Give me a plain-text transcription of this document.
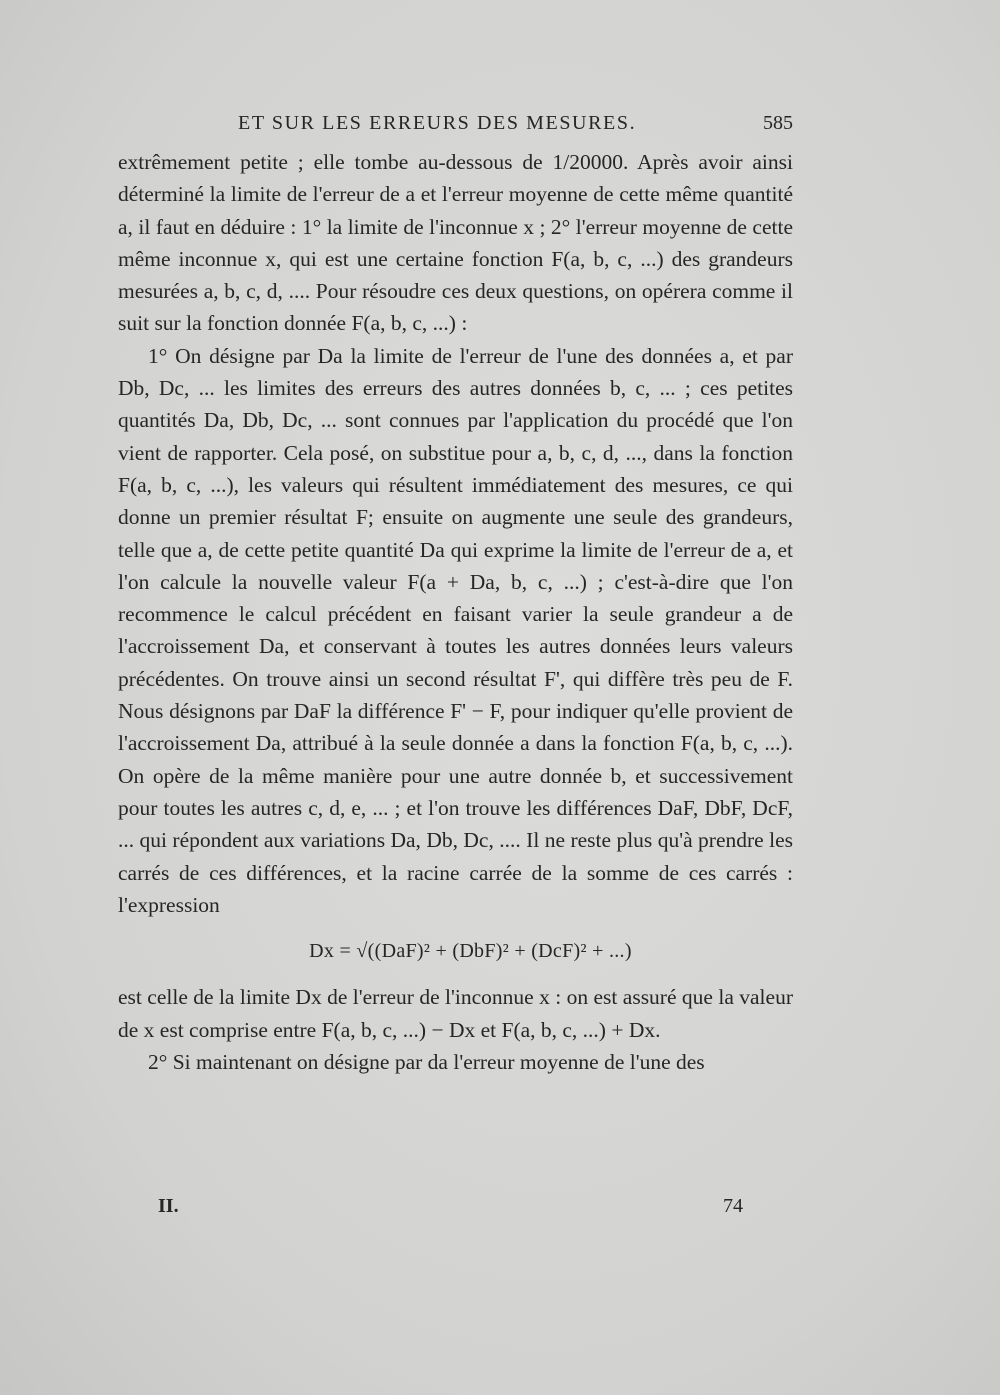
ET SUR LES ERREURS DES MESURES.	585

extrêmement petite ; elle tombe au-dessous de 1/20000. Après avoir ainsi déterminé la limite de l'erreur de a et l'erreur moyenne de cette même quantité a, il faut en déduire : 1° la limite de l'inconnue x ; 2° l'erreur moyenne de cette même inconnue x, qui est une certaine fonction F(a, b, c, ...) des grandeurs mesurées a, b, c, d, .... Pour résoudre ces deux questions, on opérera comme il suit sur la fonction donnée F(a, b, c, ...) :

1° On désigne par Da la limite de l'erreur de l'une des données a, et par Db, Dc, ... les limites des erreurs des autres données b, c, ... ; ces petites quantités Da, Db, Dc, ... sont connues par l'application du procédé que l'on vient de rapporter. Cela posé, on substitue pour a, b, c, d, ..., dans la fonction F(a, b, c, ...), les valeurs qui résultent immédiatement des mesures, ce qui donne un premier résultat F; ensuite on augmente une seule des grandeurs, telle que a, de cette petite quantité Da qui exprime la limite de l'erreur de a, et l'on calcule la nouvelle valeur F(a + Da, b, c, ...) ; c'est-à-dire que l'on recommence le calcul précédent en faisant varier la seule grandeur a de l'accroissement Da, et conservant à toutes les autres données leurs valeurs précédentes. On trouve ainsi un second résultat F', qui diffère très peu de F. Nous désignons par DaF la différence F' − F, pour indiquer qu'elle provient de l'accroissement Da, attribué à la seule donnée a dans la fonction F(a, b, c, ...). On opère de la même manière pour une autre donnée b, et successivement pour toutes les autres c, d, e, ... ; et l'on trouve les différences DaF, DbF, DcF, ... qui répondent aux variations Da, Db, Dc, .... Il ne reste plus qu'à prendre les carrés de ces différences, et la racine carrée de la somme de ces carrés : l'expression

Dx = √((DaF)² + (DbF)² + (DcF)² + ...)

est celle de la limite Dx de l'erreur de l'inconnue x : on est assuré que la valeur de x est comprise entre F(a, b, c, ...) − Dx et F(a, b, c, ...) + Dx.

2° Si maintenant on désigne par da l'erreur moyenne de l'une des

II.	74
